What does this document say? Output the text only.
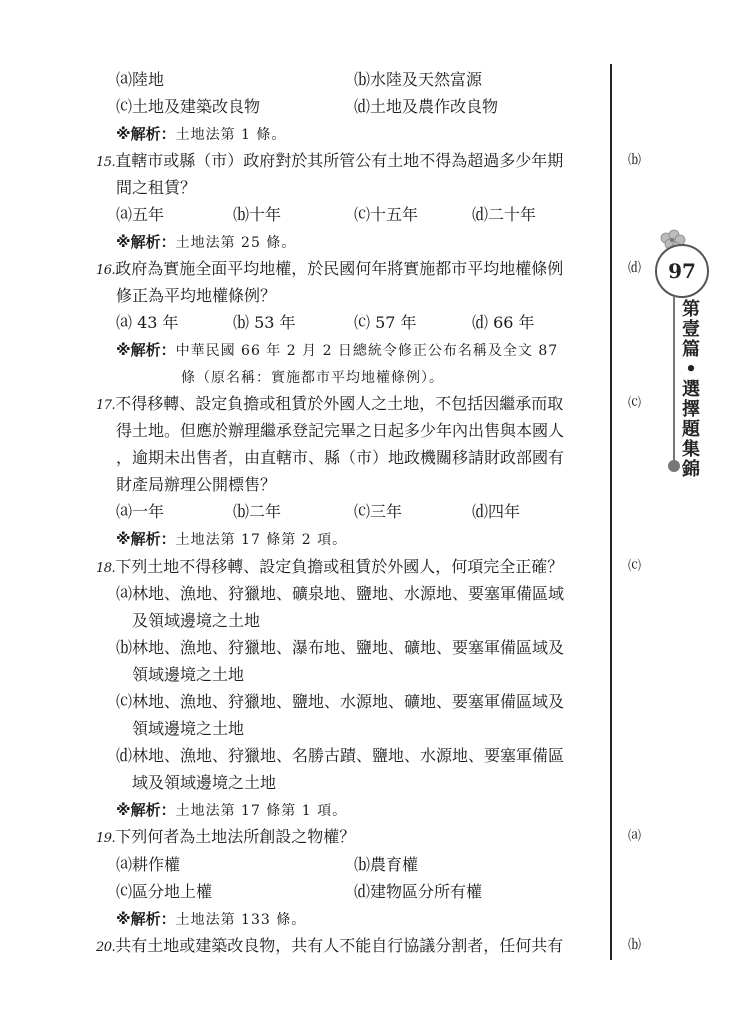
⒜陸地	⒝水陸及天然富源
⒞土地及建築改良物	⒟土地及農作改良物
※解析：土地法第 1 條。
15.直轄市或縣（市）政府對於其所管公有土地不得為超過多少年期
間之租賃？
⒜五年	⒝十年	⒞十五年	⒟二十年
※解析：土地法第 25 條。
16.政府為實施全面平均地權，於民國何年將實施都市平均地權條例
修正為平均地權條例？
⒜ 43 年	⒝ 53 年	⒞ 57 年	⒟ 66 年
※解析：中華民國 66 年 2 月 2 日總統令修正公布名稱及全文 87
條（原名稱：實施都市平均地權條例）。
17.不得移轉、設定負擔或租賃於外國人之土地，不包括因繼承而取
得土地。但應於辦理繼承登記完畢之日起多少年內出售與本國人
，逾期未出售者，由直轄市、縣（市）地政機關移請財政部國有
財產局辦理公開標售？
⒜一年	⒝二年	⒞三年	⒟四年
※解析：土地法第 17 條第 2 項。
18.下列土地不得移轉、設定負擔或租賃於外國人，何項完全正確？
⒜林地、漁地、狩獵地、礦泉地、鹽地、水源地、要塞軍備區域
及領域邊境之土地
⒝林地、漁地、狩獵地、瀑布地、鹽地、礦地、要塞軍備區域及
領域邊境之土地
⒞林地、漁地、狩獵地、鹽地、水源地、礦地、要塞軍備區域及
領域邊境之土地
⒟林地、漁地、狩獵地、名勝古蹟、鹽地、水源地、要塞軍備區
域及領域邊境之土地
※解析：土地法第 17 條第 1 項。
19.下列何者為土地法所創設之物權？
⒜耕作權	⒝農育權
⒞區分地上權	⒟建物區分所有權
※解析：土地法第 133 條。
20.共有土地或建築改良物，共有人不能自行協議分割者，任何共有
⒝
⒟
⒞
⒞
⒜
⒝
97
第壹篇•選擇題集錦
